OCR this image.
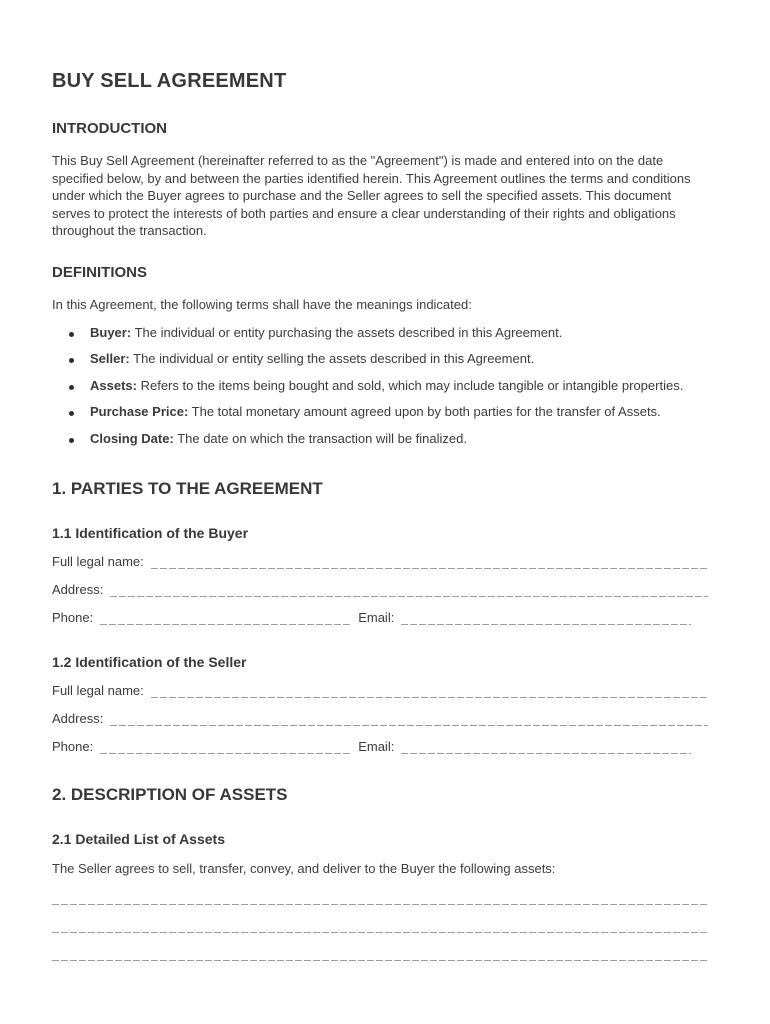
BUY SELL AGREEMENT
INTRODUCTION

This Buy Sell Agreement (hereinafter referred to as the "Agreement") is made and entered into on the date specified below, by and between the parties identified herein. This Agreement outlines the terms and conditions under which the Buyer agrees to purchase and the Seller agrees to sell the specified assets. This document serves to protect the interests of both parties and ensure a clear understanding of their rights and obligations throughout the transaction.

DEFINITIONS

In this Agreement, the following terms shall have the meanings indicated:

Buyer: The individual or entity purchasing the assets described in this Agreement.
Seller: The individual or entity selling the assets described in this Agreement.
Assets: Refers to the items being bought and sold, which may include tangible or intangible properties.
Purchase Price: The total monetary amount agreed upon by both parties for the transfer of Assets.
Closing Date: The date on which the transaction will be finalized.
1. PARTIES TO THE AGREEMENT
1.1 Identification of the Buyer
Full legal name:
Address:
Phone:	Email:
1.2 Identification of the Seller
Full legal name:
Address:
Phone:	Email:
2. DESCRIPTION OF ASSETS
2.1 Detailed List of Assets

The Seller agrees to sell, transfer, convey, and deliver to the Buyer the following assets:
